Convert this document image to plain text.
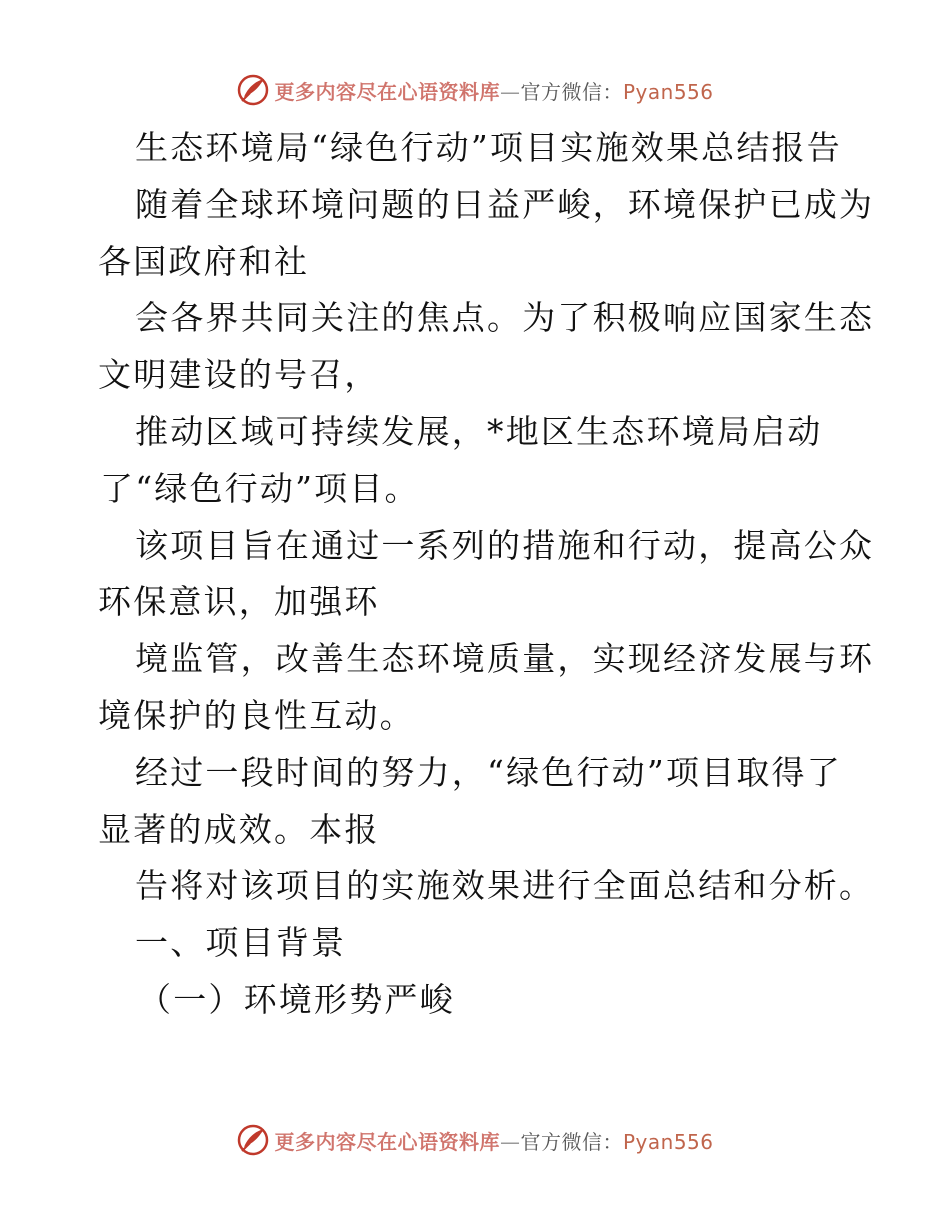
更多内容尽在心语资料库—官方微信：Pyan556
生态环境局“绿色行动”项目实施效果总结报告
随着全球环境问题的日益严峻，环境保护已成为
各国政府和社
会各界共同关注的焦点。为了积极响应国家生态
文明建设的号召，
推动区域可持续发展，*地区生态环境局启动
了“绿色行动”项目。
该项目旨在通过一系列的措施和行动，提高公众
环保意识，加强环
境监管，改善生态环境质量，实现经济发展与环
境保护的良性互动。
经过一段时间的努力，“绿色行动”项目取得了
显著的成效。本报
告将对该项目的实施效果进行全面总结和分析。
一、项目背景
（一）环境形势严峻
更多内容尽在心语资料库—官方微信：Pyan556
